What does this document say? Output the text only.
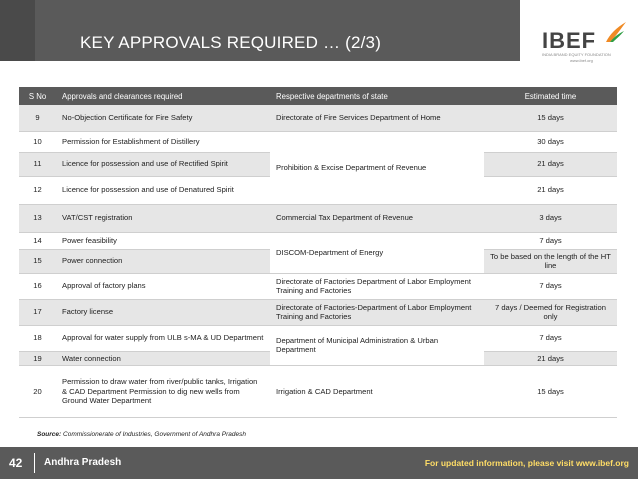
KEY APPROVALS REQUIRED … (2/3)	IBEF
INDIA BRAND EQUITY FOUNDATION
www.ibef.org
S No	Approvals and clearances required	Respective departments of state	Estimated time
9	No-Objection Certificate for Fire Safety	Directorate of Fire Services Department of Home	15 days
10	Permission for Establishment of Distillery	Prohibition & Excise Department of Revenue	30 days
11	Licence for possession and use of Rectified Spirit		21 days
12	Licence for possession and use of Denatured Spirit		21 days
13	VAT/CST registration	Commercial Tax Department of Revenue	3 days
14	Power feasibility	DISCOM-Department of Energy	7 days
15	Power connection		To be based on the length of the HT line
16	Approval of factory plans	Directorate of Factories Department of Labor Employment Training and Factories	7 days
17	Factory license	Directorate of Factories-Department of Labor Employment Training and Factories	7 days / Deemed for Registration only
18	Approval for water supply from ULB s-MA & UD Department	Department of Municipal Administration & Urban Department	7 days
19	Water connection		21 days
20	Permission to draw water from river/public tanks, Irrigation & CAD Department Permission to dig new wells from Ground Water Department	Irrigation & CAD Department	15 days
Source: Commissionerate of Industries, Government of Andhra Pradesh
42 Andhra Pradesh	For updated information, please visit www.ibef.org
